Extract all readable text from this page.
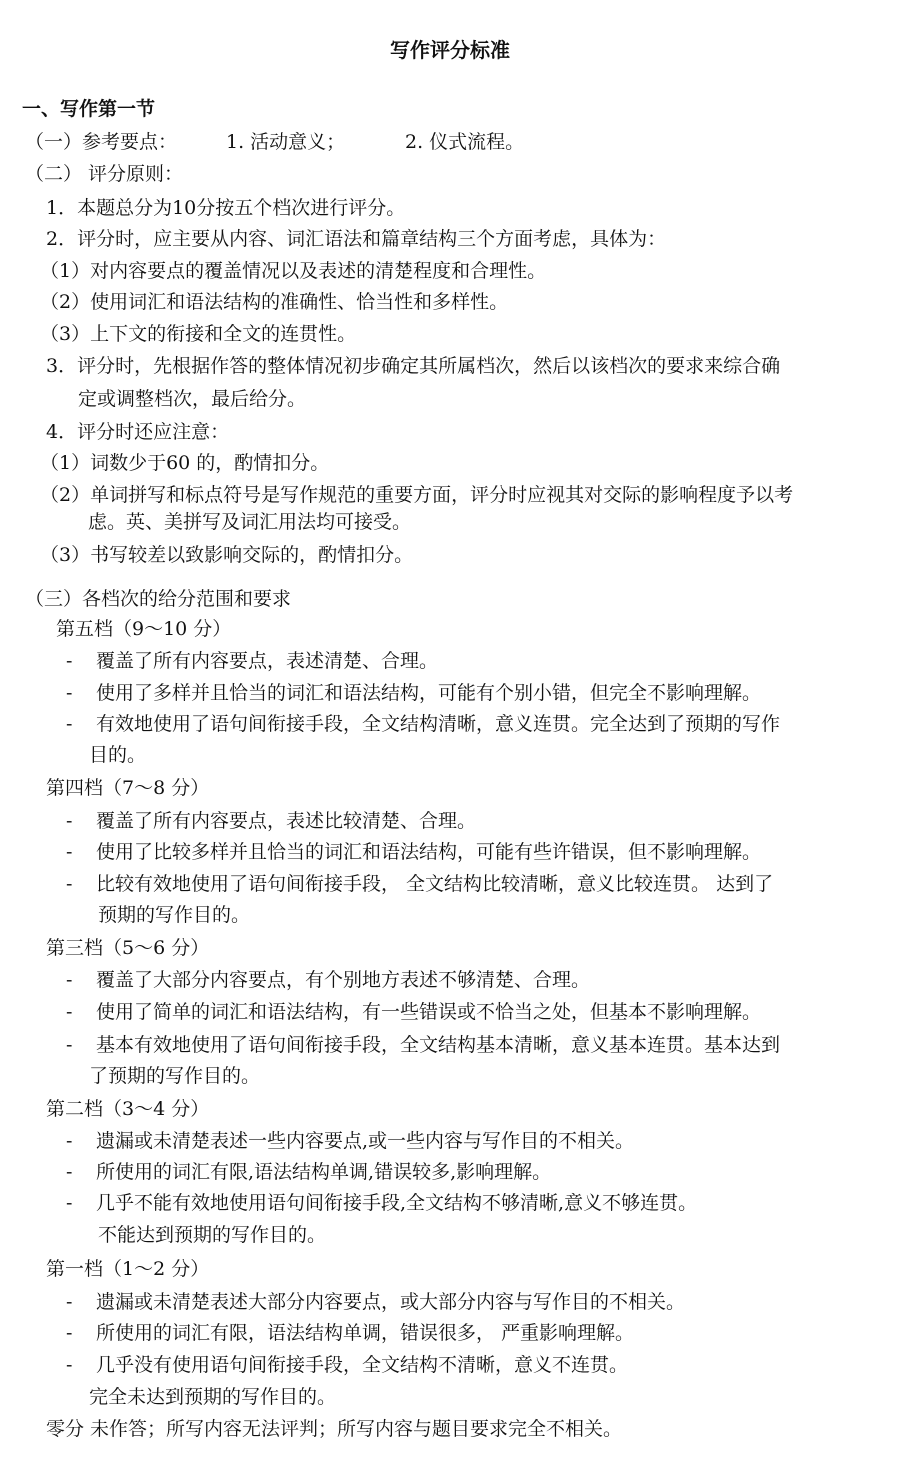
写作评分标准
一、写作第一节
（一）参考要点：	1. 活动意义；	2. 仪式流程。
（二） 评分原则：
1．本题总分为10分按五个档次进行评分。
2．评分时，应主要从内容、词汇语法和篇章结构三个方面考虑，具体为：
（1）对内容要点的覆盖情况以及表述的清楚程度和合理性。
（2）使用词汇和语法结构的准确性、恰当性和多样性。
（3）上下文的衔接和全文的连贯性。
3．评分时，先根据作答的整体情况初步确定其所属档次，然后以该档次的要求来综合确
定或调整档次，最后给分。
4．评分时还应注意：
（1）词数少于60 的，酌情扣分。
（2）单词拼写和标点符号是写作规范的重要方面，评分时应视其对交际的影响程度予以考
虑。英、美拼写及词汇用法均可接受。
（3）书写较差以致影响交际的，酌情扣分。
（三）各档次的给分范围和要求
第五档（9～10 分）
- 覆盖了所有内容要点，表述清楚、合理。
- 使用了多样并且恰当的词汇和语法结构，可能有个别小错，但完全不影响理解。
- 有效地使用了语句间衔接手段，全文结构清晰，意义连贯。完全达到了预期的写作
目的。
第四档（7～8 分）
- 覆盖了所有内容要点，表述比较清楚、合理。
- 使用了比较多样并且恰当的词汇和语法结构，可能有些许错误，但不影响理解。
- 比较有效地使用了语句间衔接手段， 全文结构比较清晰，意义比较连贯。 达到了
预期的写作目的。
第三档（5～6 分）
- 覆盖了大部分内容要点，有个别地方表述不够清楚、合理。
- 使用了简单的词汇和语法结构，有一些错误或不恰当之处，但基本不影响理解。
- 基本有效地使用了语句间衔接手段，全文结构基本清晰，意义基本连贯。基本达到
了预期的写作目的。
第二档（3～4 分）
- 遗漏或未清楚表述一些内容要点,或一些内容与写作目的不相关。
- 所使用的词汇有限,语法结构单调,错误较多,影响理解。
- 几乎不能有效地使用语句间衔接手段,全文结构不够清晰,意义不够连贯。
不能达到预期的写作目的。
第一档（1～2 分）
- 遗漏或未清楚表述大部分内容要点，或大部分内容与写作目的不相关。
- 所使用的词汇有限，语法结构单调，错误很多， 严重影响理解。
- 几乎没有使用语句间衔接手段，全文结构不清晰，意义不连贯。
完全未达到预期的写作目的。
零分 未作答；所写内容无法评判；所写内容与题目要求完全不相关。
